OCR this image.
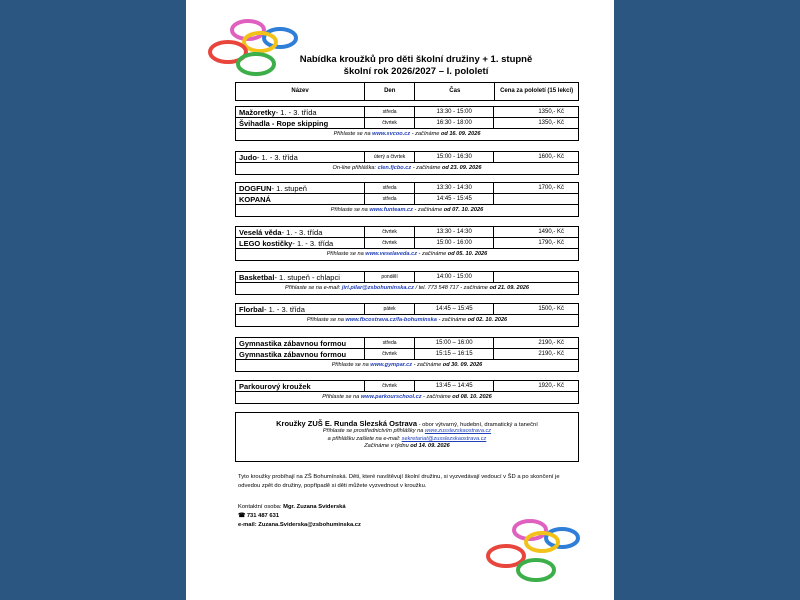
Nabídka kroužků pro děti školní družiny + 1. stupně
školní rok 2026/2027 – I. pololetí
Název	Den	Čas	Cena za pololetí (15 lekcí)
Mažoretky - 1. - 3. třída	středa	13:30 - 15:00	1350,- Kč
Švihadla - Rope skipping	čtvrtek	16:30 - 18:00	1350,- Kč
Přihlaste se na www.svcoo.cz - začínáme od 16. 09. 2026
Judo - 1. - 3. třída	úterý a čtvrtek	15:00 - 16:30	1600,- Kč
On-line přihláška: clen.fjcbo.cz - začínáme od 23. 09. 2026
DOGFUN - 1. stupeň	středa	13:30 - 14:30	1700,- Kč
KOPANÁ	středa	14:45 - 15:45
Přihlaste se na www.funteam.cz - začínáme od 07. 10. 2026
Veselá věda - 1. - 3. třída	čtvrtek	13:30 - 14:30	1490,- Kč
LEGO kostičky - 1. - 3. třída	čtvrtek	15:00 - 16:00	1790,- Kč
Přihlaste se na www.veselaveda.cz - začínáme od 05. 10. 2026
Basketbal - 1. stupeň - chlapci	pondělí	14:00 - 15:00
Přihlaste se na e-mail: jiri.pilar@zsbohuminska.cz / tel. 773 548 717 - začínáme od 21. 09. 2026
Florbal - 1. - 3. třída	pátek	14:45 – 15:45	1500,- Kč
Přihlaste se na www.fbcostrava.cz/fa-bohuminska - začínáme od 02. 10. 2026
Gymnastika zábavnou formou	středa	15:00 – 16:00	2190,- Kč
Gymnastika zábavnou formou	čtvrtek	15:15 – 16:15	2190,- Kč
Přihlaste se na www.gympar.cz - začínáme od 30. 09. 2026
Parkourový kroužek	čtvrtek	13:45 – 14:45	1920,- Kč
Přihlaste se na www.parkourschool.cz - začínáme od 08. 10. 2026
Kroužky ZUŠ E. Runda Slezská Ostrava - obor výtvarný, hudební, dramatický a taneční
Přihlaste se prostřednictvím přihlášky na www.zusslezskaostrava.cz
a přihlášku zašlete na e-mail: sekretariat@zusslezskaostrava.cz
Začínáme v týdnu od 14. 09. 2026
Tyto kroužky probíhají na ZŠ Bohumínská. Děti, které navštěvují školní družinu, si vyzvedávají vedoucí v ŠD a po skončení je odvedou zpět do družiny, popřípadě si děti můžete vyzvednout v kroužku.
Kontaktní osoba: Mgr. Zuzana Sviderská
☎ 731 487 631
e-mail: Zuzana.Sviderska@zsbohuminska.cz
